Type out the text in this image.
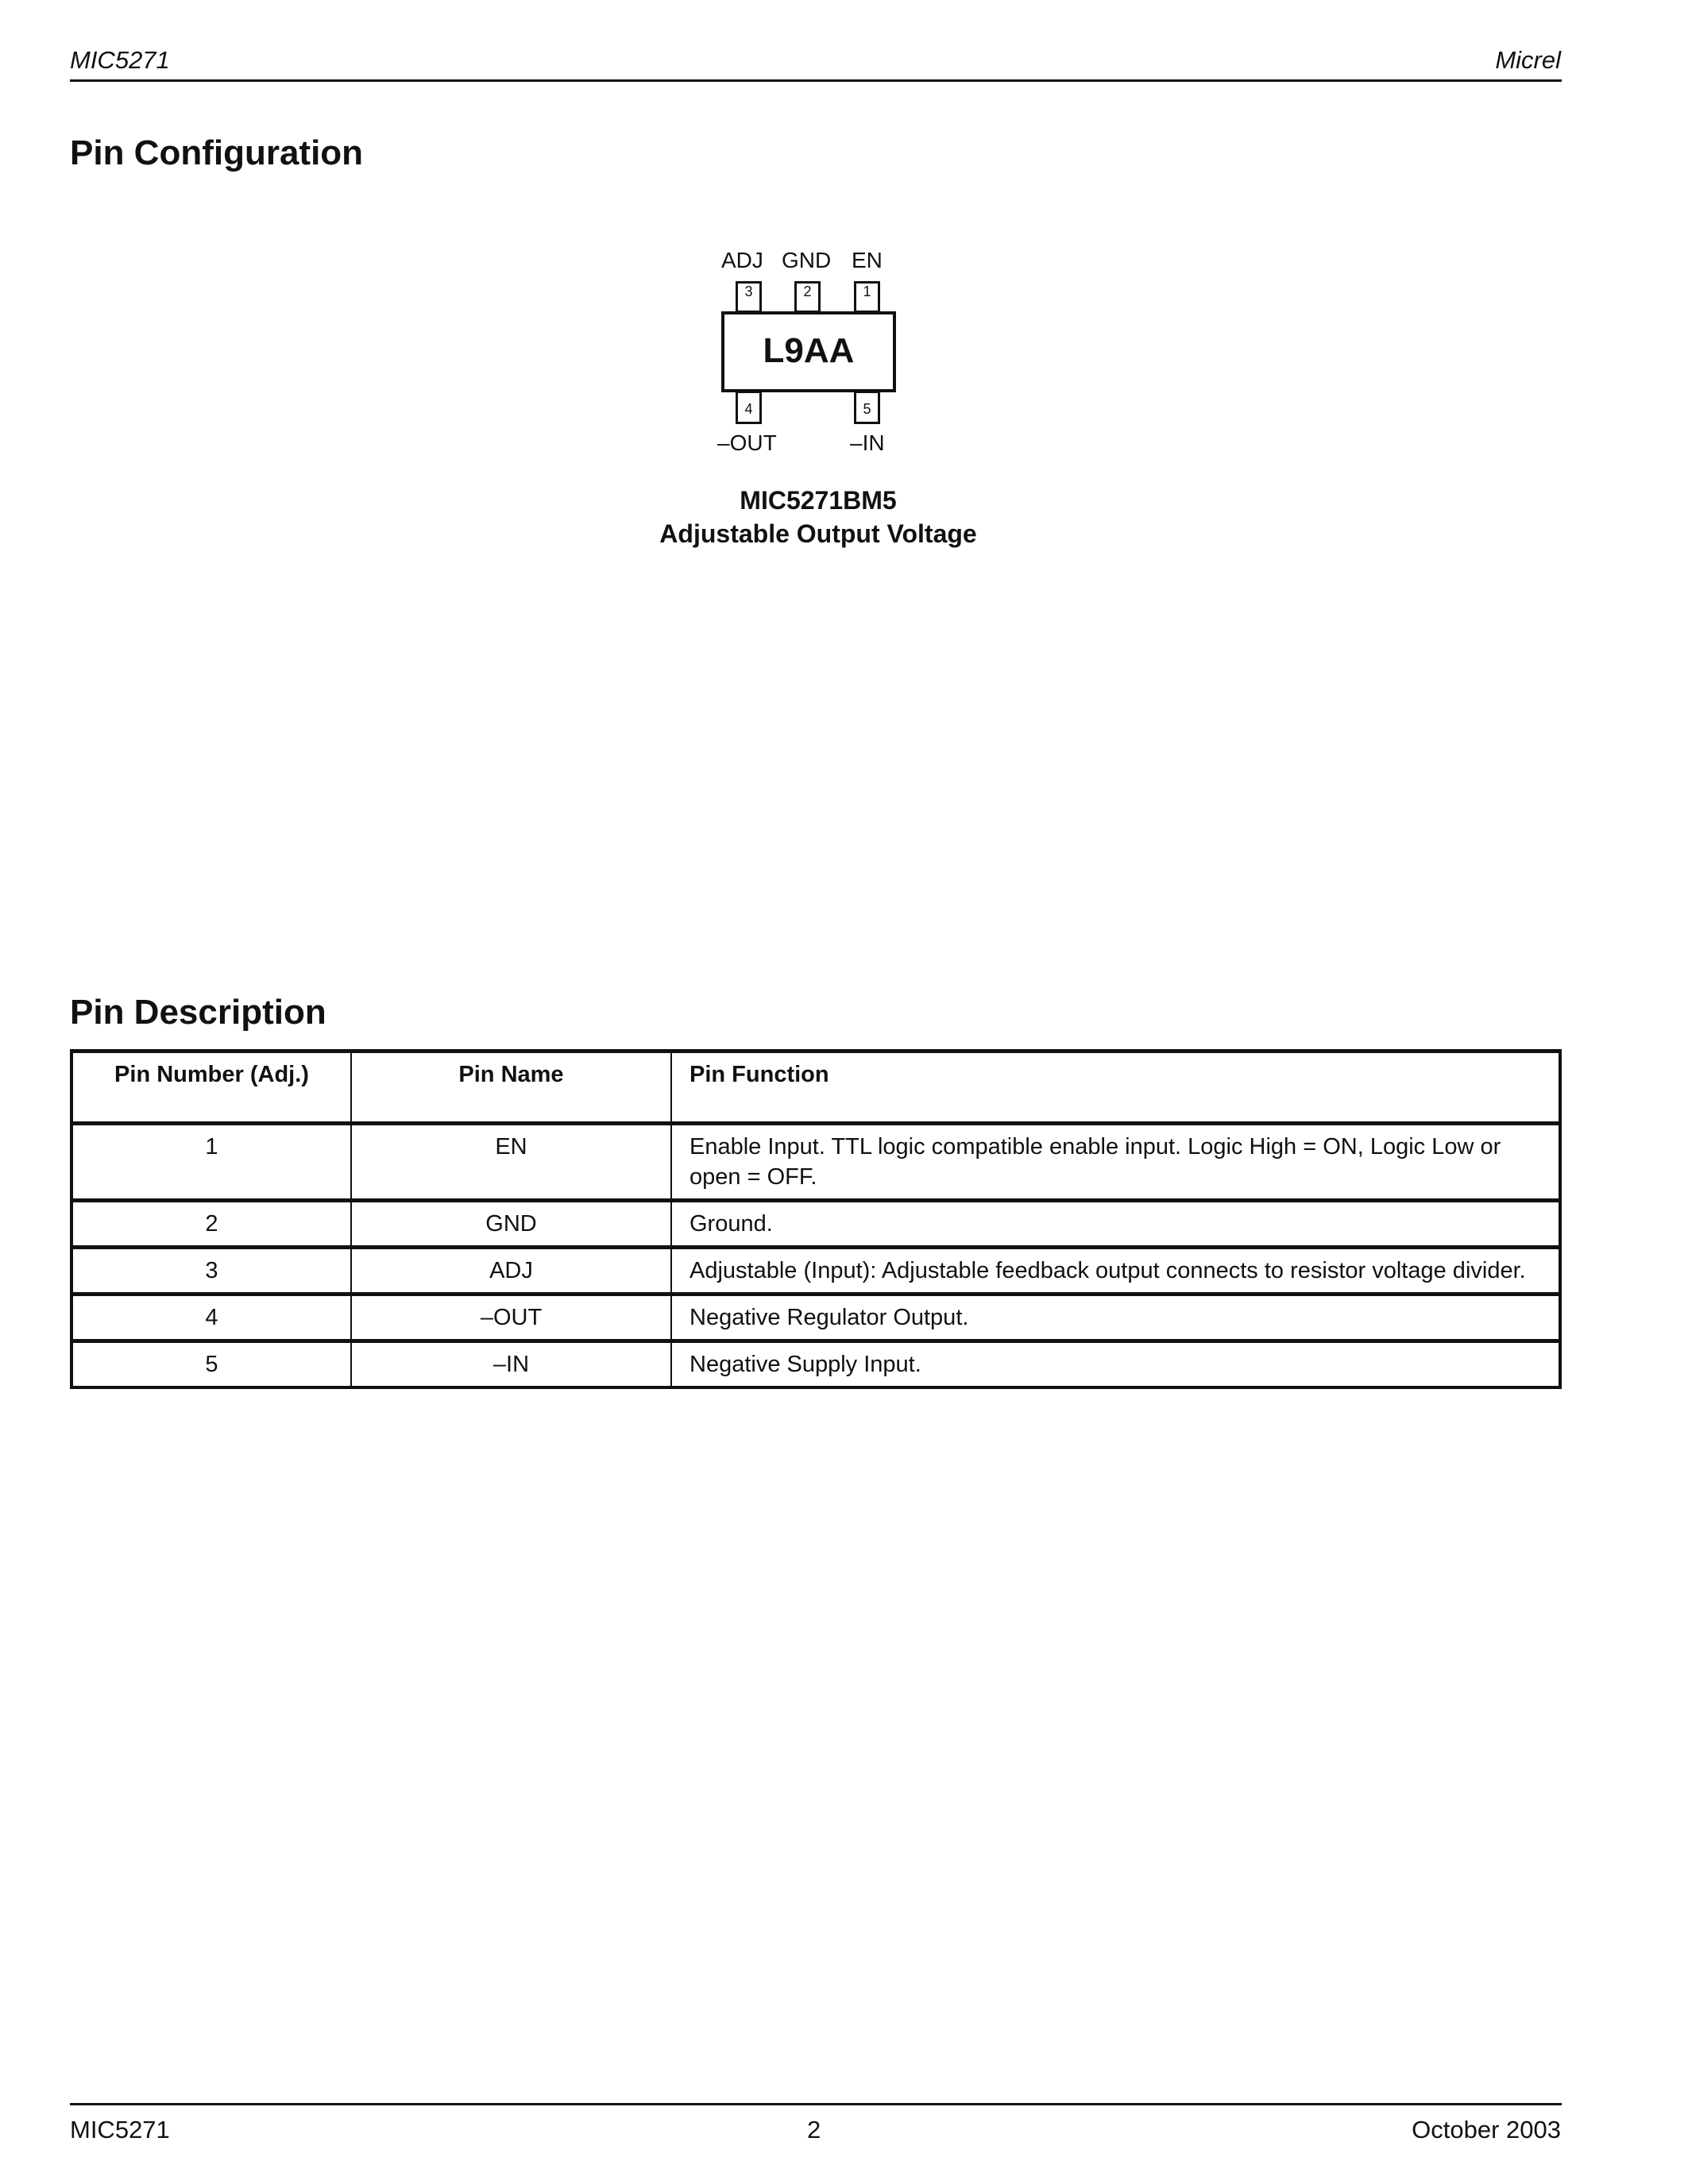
MIC5271	Micrel
Pin Configuration
ADJ GND EN
3	2	1
L9AA
4	5
–OUT	–IN
MIC5271BM5
Adjustable Output Voltage
Pin Description
Pin Number (Adj.)	Pin Name	Pin Function
1	EN	Enable Input. TTL logic compatible enable input. Logic High = ON, Logic Low or open = OFF.
2	GND	Ground.
3	ADJ	Adjustable (Input): Adjustable feedback output connects to resistor voltage divider.
4	–OUT	Negative Regulator Output.
5	–IN	Negative Supply Input.
MIC5271	2	October 2003
